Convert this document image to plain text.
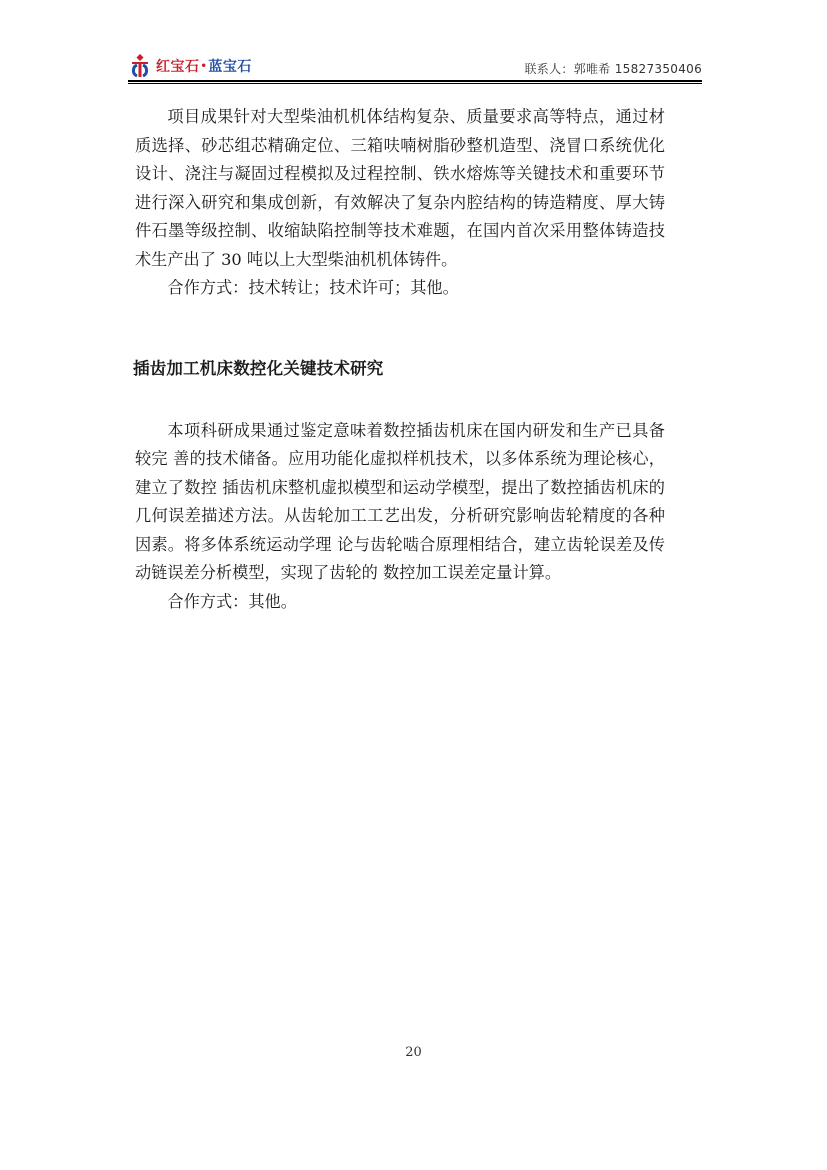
红宝石 • 蓝宝石	联系人：郭唯希 15827350406

项目成果针对大型柴油机机体结构复杂、质量要求高等特点，通过材质选择、砂芯组芯精确定位、三箱呋喃树脂砂整机造型、浇冒口系统优化设计、浇注与凝固过程模拟及过程控制、铁水熔炼等关键技术和重要环节进行深入研究和集成创新，有效解决了复杂内腔结构的铸造精度、厚大铸件石墨等级控制、收缩缺陷控制等技术难题，在国内首次采用整体铸造技术生产出了 30 吨以上大型柴油机机体铸件。

合作方式：技术转让；技术许可；其他。

插齿加工机床数控化关键技术研究

本项科研成果通过鉴定意味着数控插齿机床在国内研发和生产已具备较完 善的技术储备。应用功能化虚拟样机技术，以多体系统为理论核心，建立了数控 插齿机床整机虚拟模型和运动学模型，提出了数控插齿机床的几何误差描述方法。从齿轮加工工艺出发，分析研究影响齿轮精度的各种因素。将多体系统运动学理 论与齿轮啮合原理相结合，建立齿轮误差及传动链误差分析模型，实现了齿轮的 数控加工误差定量计算。

合作方式：其他。

20
